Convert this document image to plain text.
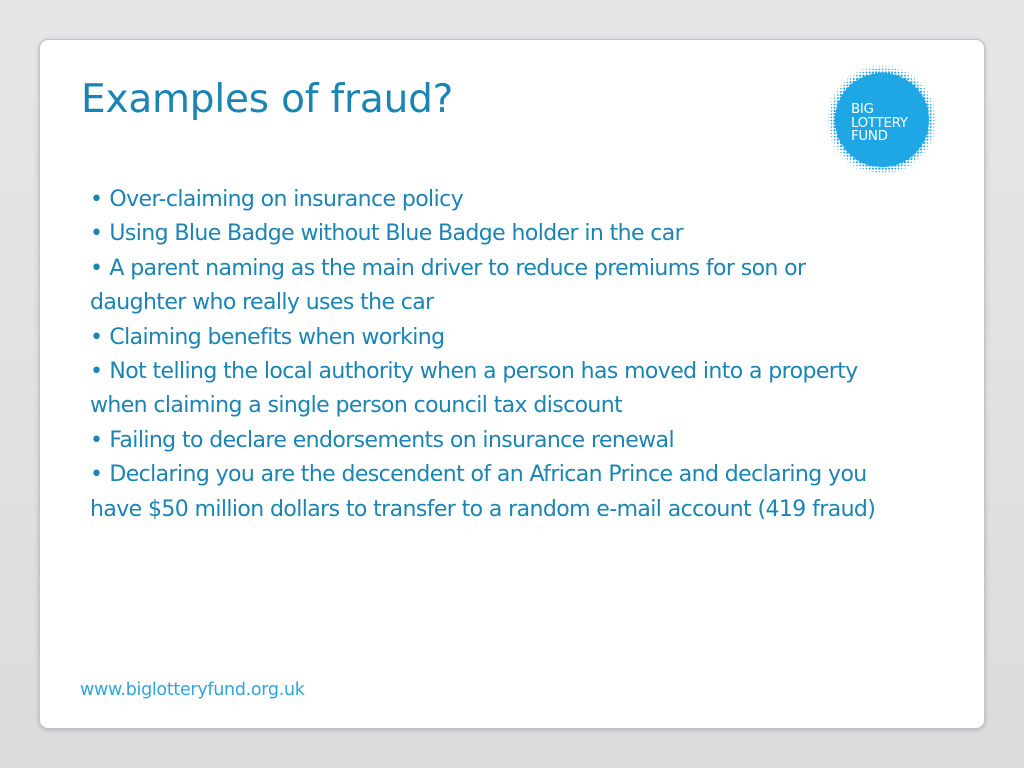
Examples of fraud?	BIG
LOTTERY
FUND
• Over-claiming on insurance policy
• Using Blue Badge without Blue Badge holder in the car
• A parent naming as the main driver to reduce premiums for son or daughter who really uses the car
• Claiming benefits when working
• Not telling the local authority when a person has moved into a property when claiming a single person council tax discount
• Failing to declare endorsements on insurance renewal
• Declaring you are the descendent of an African Prince and declaring you have $50 million dollars to transfer to a random e-mail account (419 fraud)
www.biglotteryfund.org.uk
